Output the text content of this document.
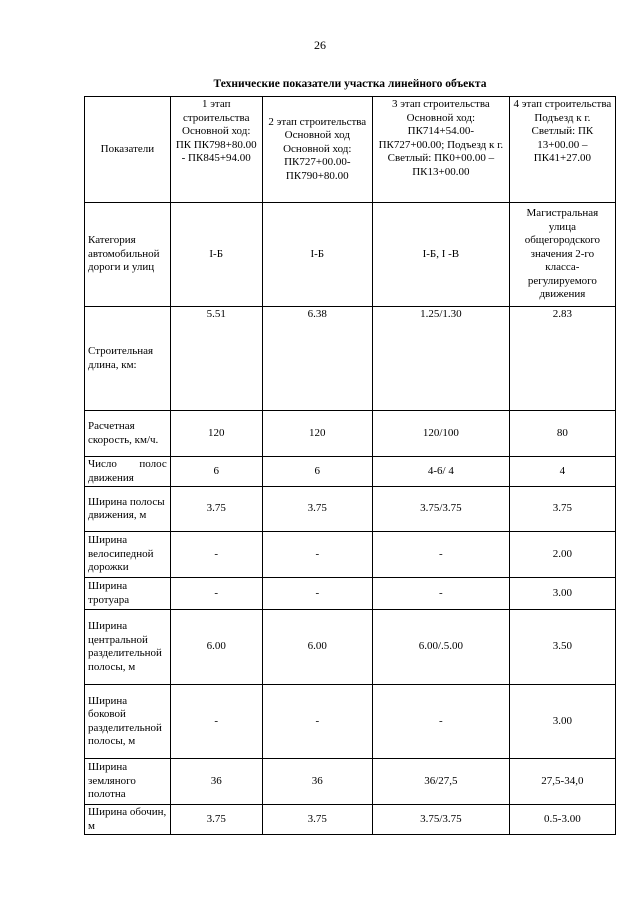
26
Технические показатели участка линейного объекта
Показатели	1 этап строительства Основной ход: ПК ПК798+80.00 - ПК845+94.00	2 этап строительства Основной ход Основной ход: ПК727+00.00-ПК790+80.00	3 этап строительства Основной ход: ПК714+54.00-ПК727+00.00; Подъезд к г. Светлый: ПК0+00.00 – ПК13+00.00	4 этап строительства Подъезд к г. Светлый: ПК 13+00.00 – ПК41+27.00
Категория автомобильной дороги и улиц	I-Б	I-Б	I-Б, I -В	Магистральная улица общегородского значения 2-го класса-регулируемого движения
Строительная длина, км:	5.51	6.38	1.25/1.30	2.83
Расчетная скорость, км/ч.	120	120	120/100	80
Число полос движения	6	6	4-6/ 4	4
Ширина полосы движения, м	3.75	3.75	3.75/3.75	3.75
Ширина велосипедной дорожки	-	-	-	2.00
Ширина тротуара	-	-	-	3.00
Ширина центральной разделительной полосы, м	6.00	6.00	6.00/.5.00	3.50
Ширина боковой разделительной полосы, м	-	-	-	3.00
Ширина земляного полотна	36	36	36/27,5	27,5-34,0
Ширина обочин, м	3.75	3.75	3.75/3.75	0.5-3.00
